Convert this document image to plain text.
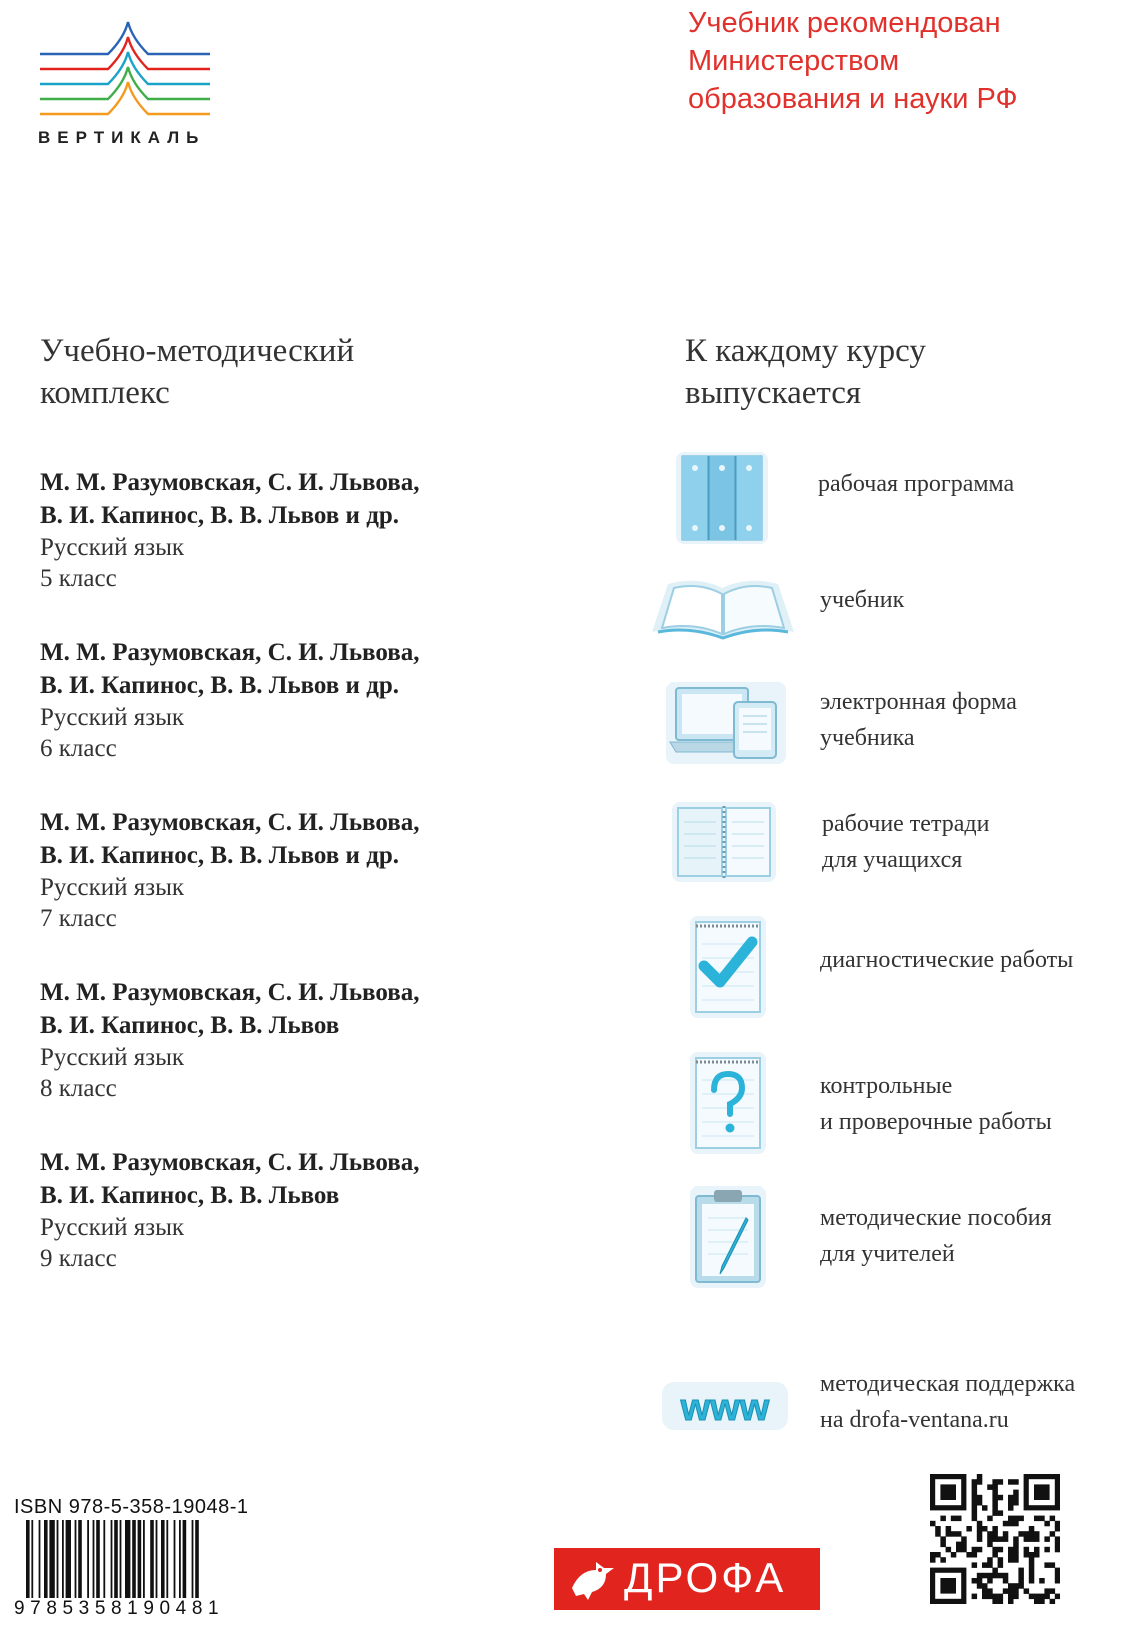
ВЕРТИКАЛЬ
Учебник рекомендован
Министерством
образования и науки РФ
Учебно-методический
комплекс
К каждому курсу
выпускается
М. М. Разумовская, С. И. Львова,
В. И. Капинос, В. В. Львов и др.
Русский язык
5 класс
М. М. Разумовская, С. И. Львова,
В. И. Капинос, В. В. Львов и др.
Русский язык
6 класс
М. М. Разумовская, С. И. Львова,
В. И. Капинос, В. В. Львов и др.
Русский язык
7 класс
М. М. Разумовская, С. И. Львова,
В. И. Капинос, В. В. Львов
Русский язык
8 класс
М. М. Разумовская, С. И. Львова,
В. И. Капинос, В. В. Львов
Русский язык
9 класс
рабочая программа
учебник
электронная форма
учебника
рабочие тетради
для учащихся
диагностические работы
контрольные
и проверочные работы
методические пособия
для учителей
www
методическая поддержка
на drofa-ventana.ru
ISBN 978-5-358-19048-1
9785358190481
ДРОФА
